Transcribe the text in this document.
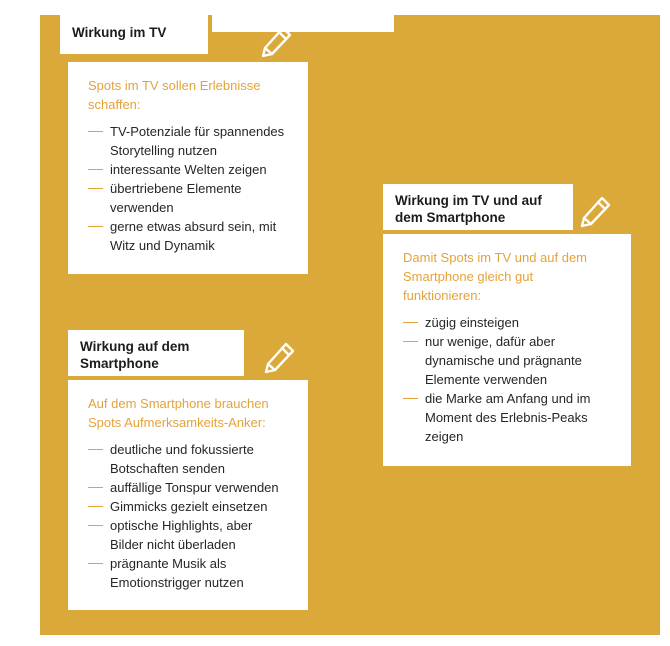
Wirkung im TV
Spots im TV sollen Erlebnisse schaffen:
TV-Potenziale für spannendes Storytelling nutzen
interessante Welten zeigen
übertriebene Elemente verwenden
gerne etwas absurd sein, mit Witz und Dynamik
Wirkung im TV und auf dem Smartphone
Damit Spots im TV und auf dem Smartphone gleich gut funktionieren:
zügig einsteigen
nur wenige, dafür aber dynamische und prägnante Elemente verwenden
die Marke am Anfang und im Moment des Erlebnis-Peaks zeigen
Wirkung auf dem Smartphone
Auf dem Smartphone brauchen Spots Aufmerksamkeits-Anker:
deutliche und fokussierte Botschaften senden
auffällige Tonspur verwenden
Gimmicks gezielt einsetzen
optische Highlights, aber Bilder nicht überladen
prägnante Musik als Emotionstrigger nutzen
